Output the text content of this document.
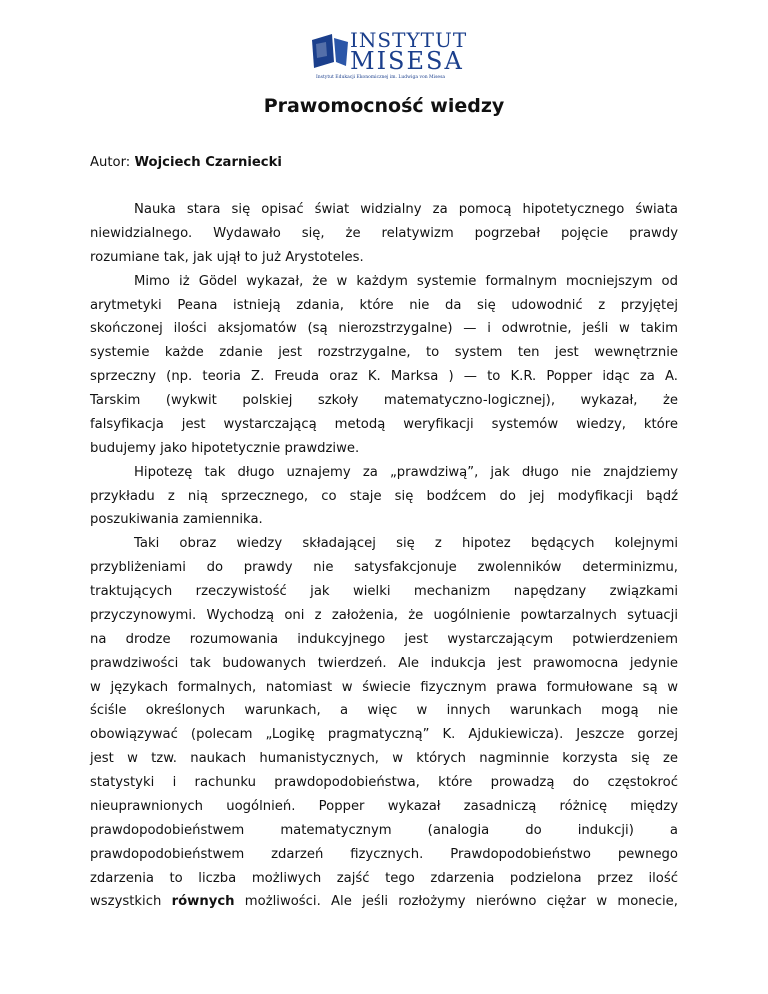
INSTYTUT
MISESA
Instytut Edukacji Ekonomicznej im. Ludwiga von Misesa
Prawomocność wiedzy
Autor: Wojciech Czarniecki
Nauka stara się opisać świat widzialny za pomocą hipotetycznego świata
niewidzialnego. Wydawało się, że relatywizm pogrzebał pojęcie prawdy
rozumiane tak, jak ujął to już Arystoteles.
Mimo iż Gödel wykazał, że w każdym systemie formalnym mocniejszym od
arytmetyki Peana istnieją zdania, które nie da się udowodnić z przyjętej
skończonej ilości aksjomatów (są nierozstrzygalne) — i odwrotnie, jeśli w takim
systemie każde zdanie jest rozstrzygalne, to system ten jest wewnętrznie
sprzeczny (np. teoria Z. Freuda oraz K. Marksa ) — to K.R. Popper idąc za A.
Tarskim (wykwit polskiej szkoły matematyczno-logicznej), wykazał, że
falsyfikacja jest wystarczającą metodą weryfikacji systemów wiedzy, które
budujemy jako hipotetycznie prawdziwe.
Hipotezę tak długo uznajemy za „prawdziwą”, jak długo nie znajdziemy
przykładu z nią sprzecznego, co staje się bodźcem do jej modyfikacji bądź
poszukiwania zamiennika.
Taki obraz wiedzy składającej się z hipotez będących kolejnymi
przybliżeniami do prawdy nie satysfakcjonuje zwolenników determinizmu,
traktujących rzeczywistość jak wielki mechanizm napędzany związkami
przyczynowymi. Wychodzą oni z założenia, że uogólnienie powtarzalnych sytuacji
na drodze rozumowania indukcyjnego jest wystarczającym potwierdzeniem
prawdziwości tak budowanych twierdzeń. Ale indukcja jest prawomocna jedynie
w językach formalnych, natomiast w świecie fizycznym prawa formułowane są w
ściśle określonych warunkach, a więc w innych warunkach mogą nie
obowiązywać (polecam „Logikę pragmatyczną” K. Ajdukiewicza). Jeszcze gorzej
jest w tzw. naukach humanistycznych, w których nagminnie korzysta się ze
statystyki i rachunku prawdopodobieństwa, które prowadzą do częstokroć
nieuprawnionych uogólnień. Popper wykazał zasadniczą różnicę między
prawdopodobieństwem matematycznym (analogia do indukcji) a
prawdopodobieństwem zdarzeń fizycznych. Prawdopodobieństwo pewnego
zdarzenia to liczba możliwych zajść tego zdarzenia podzielona przez ilość
wszystkich równych możliwości. Ale jeśli rozłożymy nierówno ciężar w monecie,
